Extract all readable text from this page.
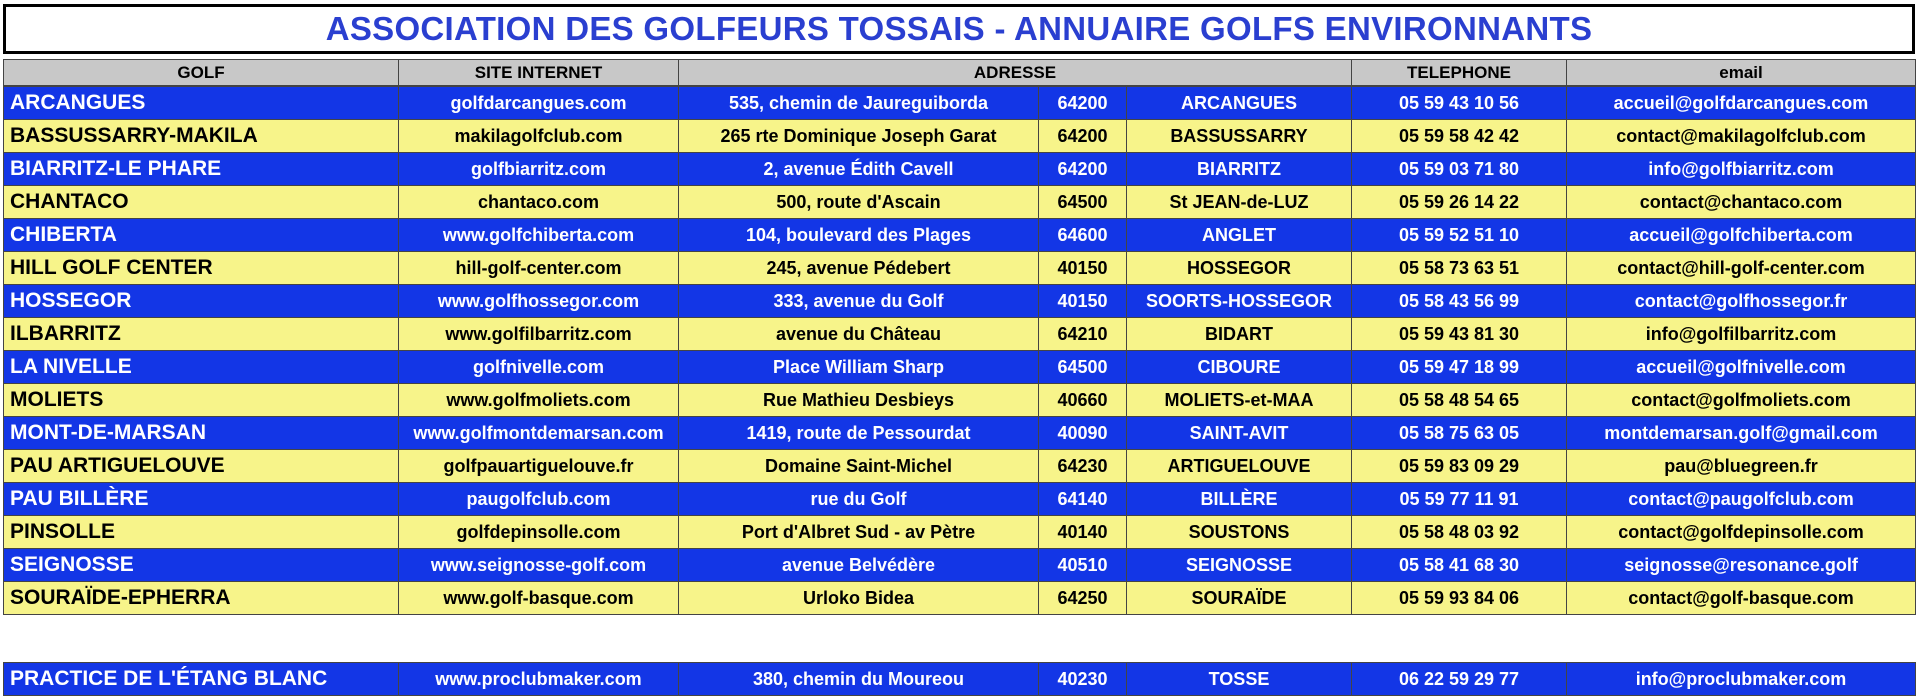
ASSOCIATION DES GOLFEURS TOSSAIS - ANNUAIRE GOLFS ENVIRONNANTS
GOLF	SITE INTERNET	ADRESSE	TELEPHONE	email
ARCANGUES	golfdarcangues.com	535, chemin de Jaureguiborda	64200	ARCANGUES	05 59 43 10 56	accueil@golfdarcangues.com
BASSUSSARRY-MAKILA	makilagolfclub.com	265 rte Dominique Joseph Garat	64200	BASSUSSARRY	05 59 58 42 42	contact@makilagolfclub.com
BIARRITZ-LE PHARE	golfbiarritz.com	2, avenue Édith Cavell	64200	BIARRITZ	05 59 03 71 80	info@golfbiarritz.com
CHANTACO	chantaco.com	500, route d'Ascain	64500	St JEAN-de-LUZ	05 59 26 14 22	contact@chantaco.com
CHIBERTA	www.golfchiberta.com	104, boulevard des Plages	64600	ANGLET	05 59 52 51 10	accueil@golfchiberta.com
HILL GOLF CENTER	hill-golf-center.com	245, avenue Pédebert	40150	HOSSEGOR	05 58 73 63 51	contact@hill-golf-center.com
HOSSEGOR	www.golfhossegor.com	333, avenue du Golf	40150	SOORTS-HOSSEGOR	05 58 43 56 99	contact@golfhossegor.fr
ILBARRITZ	www.golfilbarritz.com	avenue du Château	64210	BIDART	05 59 43 81 30	info@golfilbarritz.com
LA NIVELLE	golfnivelle.com	Place William Sharp	64500	CIBOURE	05 59 47 18 99	accueil@golfnivelle.com
MOLIETS	www.golfmoliets.com	Rue Mathieu Desbieys	40660	MOLIETS-et-MAA	05 58 48 54 65	contact@golfmoliets.com
MONT-DE-MARSAN	www.golfmontdemarsan.com	1419, route de Pessourdat	40090	SAINT-AVIT	05 58 75 63 05	montdemarsan.golf@gmail.com
PAU ARTIGUELOUVE	golfpauartiguelouve.fr	Domaine Saint-Michel	64230	ARTIGUELOUVE	05 59 83 09 29	pau@bluegreen.fr
PAU BILLÈRE	paugolfclub.com	rue du Golf	64140	BILLÈRE	05 59 77 11 91	contact@paugolfclub.com
PINSOLLE	golfdepinsolle.com	Port d'Albret Sud - av Pètre	40140	SOUSTONS	05 58 48 03 92	contact@golfdepinsolle.com
SEIGNOSSE	www.seignosse-golf.com	avenue Belvédère	40510	SEIGNOSSE	05 58 41 68 30	seignosse@resonance.golf
SOURAÏDE-EPHERRA	www.golf-basque.com	Urloko Bidea	64250	SOURAÏDE	05 59 93 84 06	contact@golf-basque.com
PRACTICE DE L'ÉTANG BLANC	www.proclubmaker.com	380, chemin du Moureou	40230	TOSSE	06 22 59 29 77	info@proclubmaker.com
